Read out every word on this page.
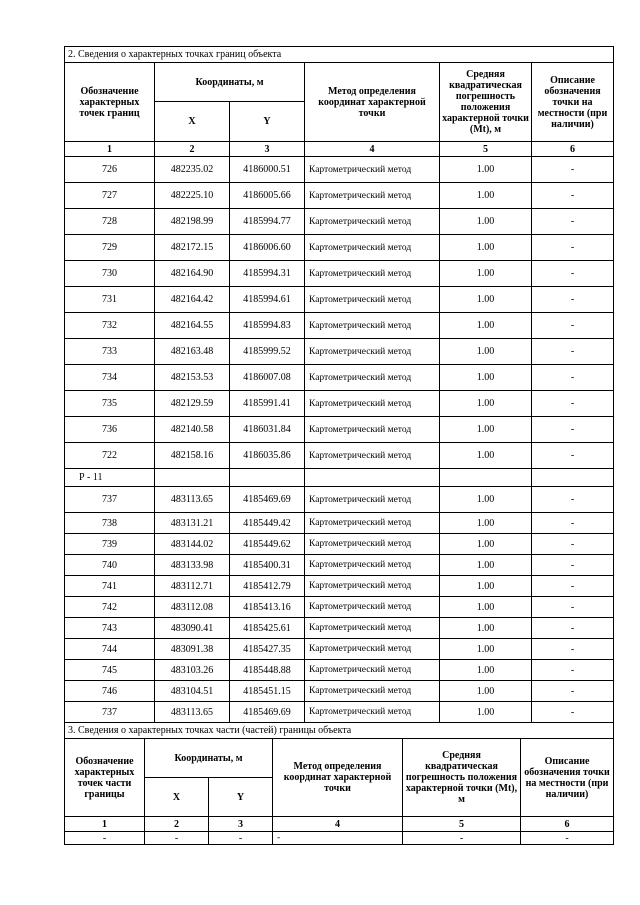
2. Сведения о характерных точках границ объекта					
Обозначение характерных точек границ	Координаты, м		Метод определения координат характерной точки	Средняя квадратическая погрешность положения характерной точки (Mt), м	Описание обозначения точки на местности (при наличии)
	X	Y			
1	2	3	4	5	6
726	482235.02	4186000.51	Картометрический метод	1.00	-
727	482225.10	4186005.66	Картометрический метод	1.00	-
728	482198.99	4185994.77	Картометрический метод	1.00	-
729	482172.15	4186006.60	Картометрический метод	1.00	-
730	482164.90	4185994.31	Картометрический метод	1.00	-
731	482164.42	4185994.61	Картометрический метод	1.00	-
732	482164.55	4185994.83	Картометрический метод	1.00	-
733	482163.48	4185999.52	Картометрический метод	1.00	-
734	482153.53	4186007.08	Картометрический метод	1.00	-
735	482129.59	4185991.41	Картометрический метод	1.00	-
736	482140.58	4186031.84	Картометрический метод	1.00	-
722	482158.16	4186035.86	Картометрический метод	1.00	-
Р - 11					
737	483113.65	4185469.69	Картометрический метод	1.00	-
738	483131.21	4185449.42	Картометрический метод	1.00	-
739	483144.02	4185449.62	Картометрический метод	1.00	-
740	483133.98	4185400.31	Картометрический метод	1.00	-
741	483112.71	4185412.79	Картометрический метод	1.00	-
742	483112.08	4185413.16	Картометрический метод	1.00	-
743	483090.41	4185425.61	Картометрический метод	1.00	-
744	483091.38	4185427.35	Картометрический метод	1.00	-
745	483103.26	4185448.88	Картометрический метод	1.00	-
746	483104.51	4185451.15	Картометрический метод	1.00	-
737	483113.65	4185469.69	Картометрический метод	1.00	-
3. Сведения о характерных точках части (частей) границы объекта					
Обозначение характерных точек части границы	Координаты, м		Метод определения координат характерной точки	Средняя квадратическая погрешность положения характерной точки (Mt), м	Описание обозначения точки на местности (при наличии)
	X	Y			
1	2	3	4	5	6
-	-	-	-	-	-
